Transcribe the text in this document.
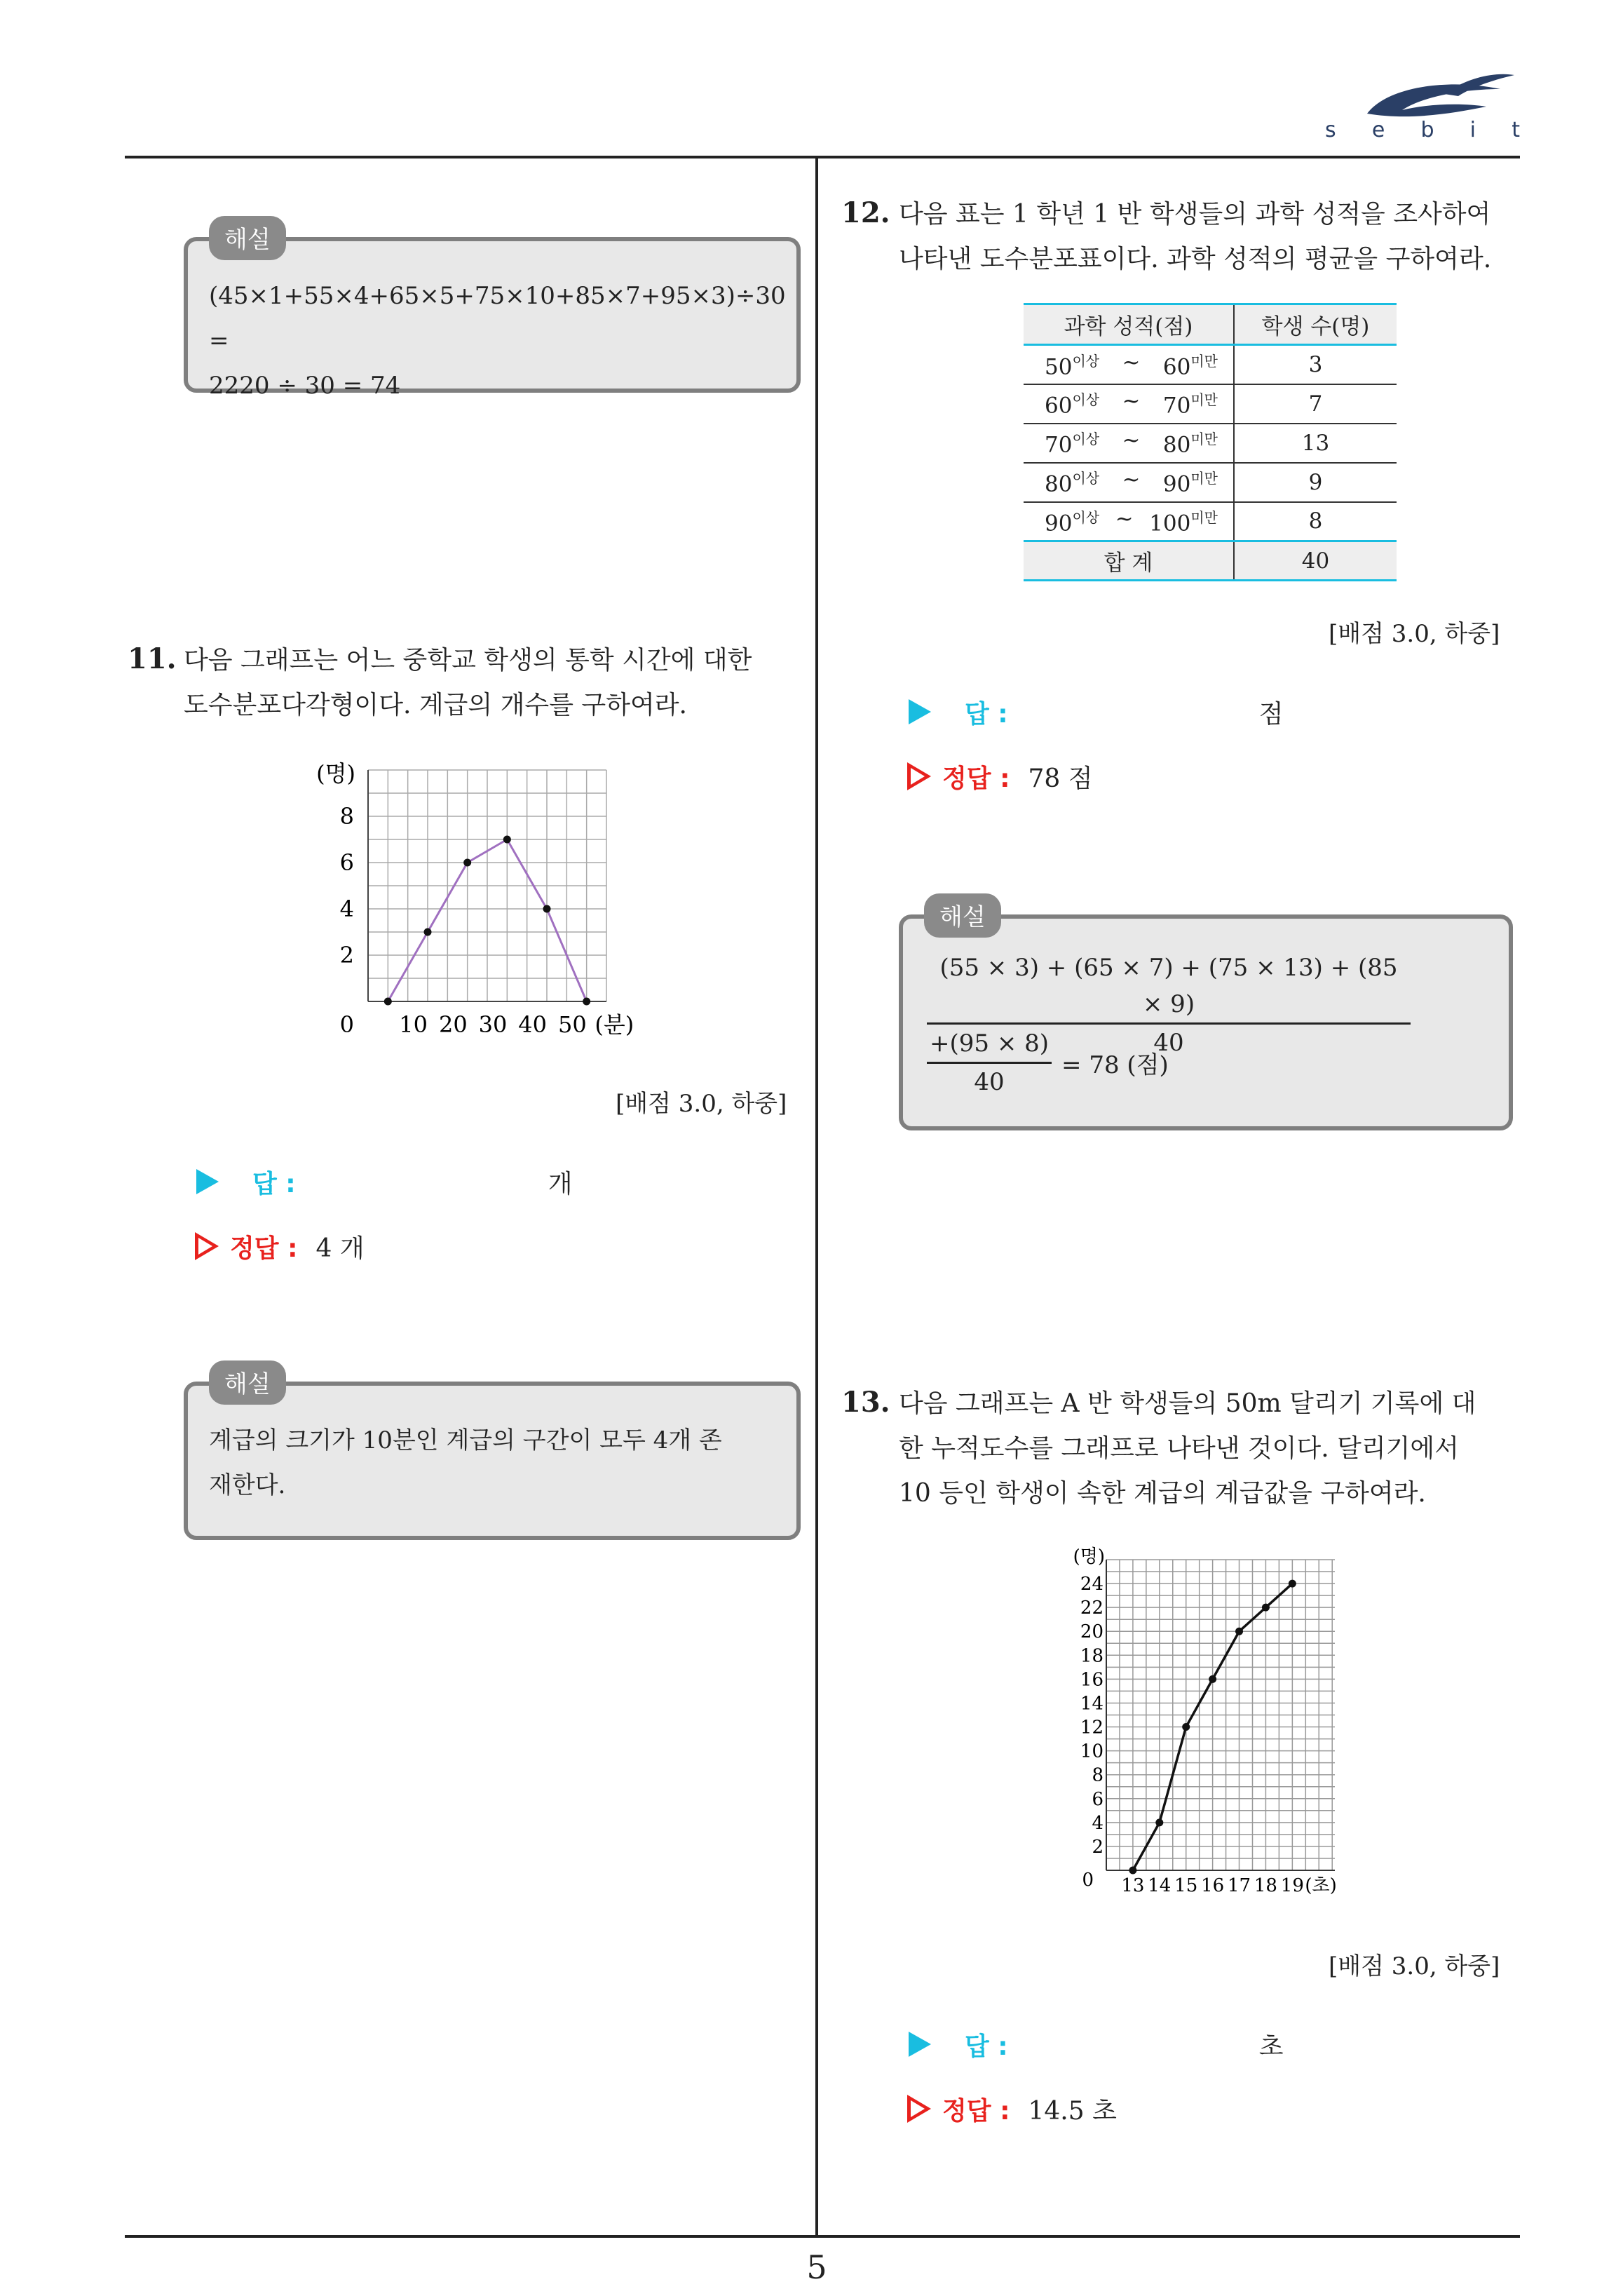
s e b i t
해설
(45×1+55×4+65×5+75×10+85×7+95×3)÷30 =
2220 ÷ 30 = 74
11. 다음 그래프는 어느 중학교 학생의 통학 시간에 대한
도수분포다각형이다. 계급의 개수를 구하여라.
(명)
2
4
6
8
0 10 20 30 40 50 (분)
[배점 3.0, 하중]
답 :	개
정답 : 4 개
해설
계급의 크기가 10분인 계급의 구간이 모두 4개 존
재한다.
12. 다음 표는 1 학년 1 반 학생들의 과학 성적을 조사하여
나타낸 도수분포표이다. 과학 성적의 평균을 구하여라.
과학 성적(점)	학생 수(명)

$50^{이상}$ ~ $60^{미만}$	3

$60^{이상}$ ~ $70^{미만}$	7

$70^{이상}$ ~ $80^{미만}$	13

$80^{이상}$ ~ $90^{미만}$	9

$90^{이상}$ ~ $100^{미만}$	8
합 계	40
[배점 3.0, 하중]
답 :	점
정답 : 78 점
해설
$\frac{(55 \times 3) + (65 \times 7) + (75 \times 13) + (85 \times 9)}{40}$
$\frac{+(95 \times 8)}{40} = 78$ (점)
13. 다음 그래프는 A 반 학생들의 50m 달리기 기록에 대
한 누적도수를 그래프로 나타낸 것이다. 달리기에서
10 등인 학생이 속한 계급의 계급값을 구하여라.
(명)
0
2
4
6
8
10
12
14
16
18
20
22
24
13 14 15 16 17 18 19 (초)
[배점 3.0, 하중]
답 :	초
정답 : 14.5 초
5
